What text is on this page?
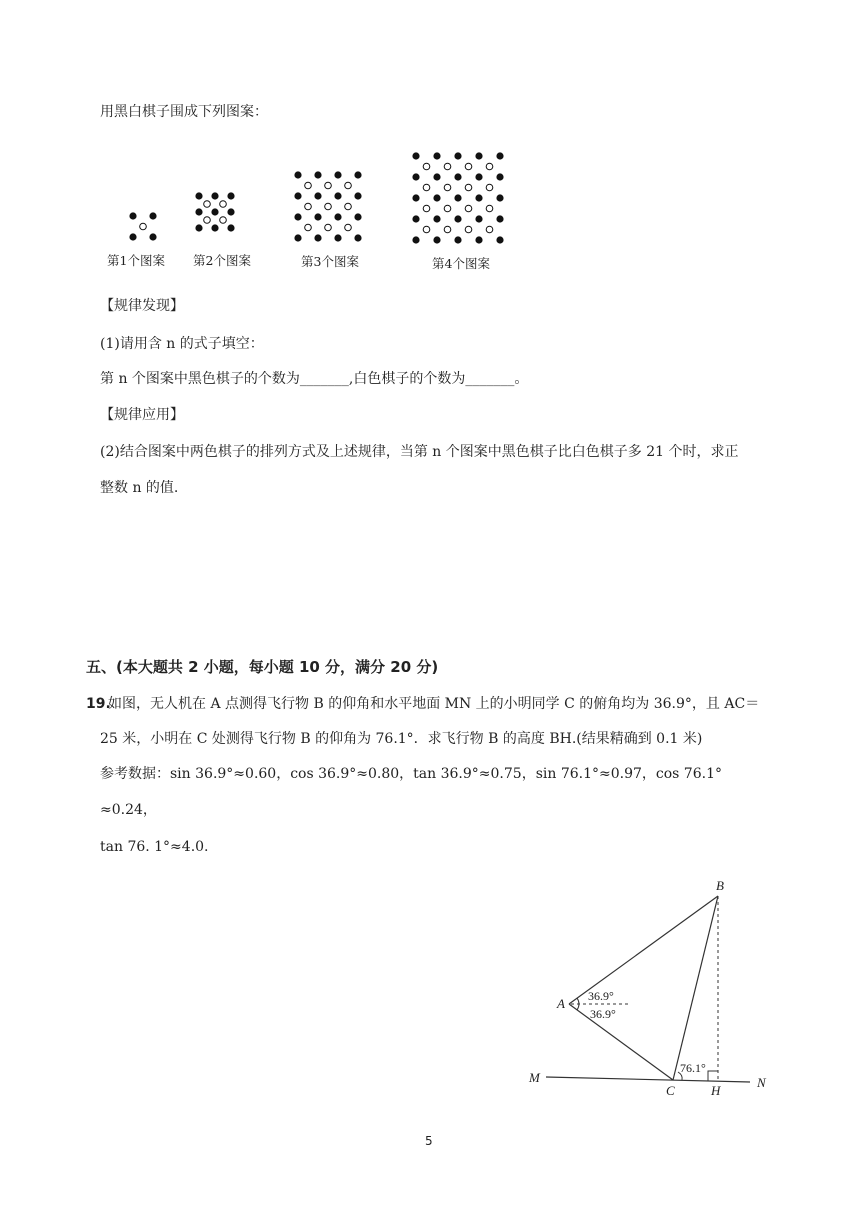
用黑白棋子围成下列图案：
第1个图案 第2个图案	第3个图案	第4个图案
【规律发现】
(1)请用含 n 的式子填空：
第 n 个图案中黑色棋子的个数为_______,白色棋子的个数为_______。
【规律应用】
(2)结合图案中两色棋子的排列方式及上述规律，当第 n 个图案中黑色棋子比白色棋子多 21 个时，求正
整数 n 的值.
五、(本大题共 2 小题，每小题 10 分，满分 20 分)
19.
如图，无人机在 A 点测得飞行物 B 的仰角和水平地面 MN 上的小明同学 C 的俯角均为 36.9°，且 AC＝
25 米，小明在 C 处测得飞行物 B 的仰角为 76.1°．求飞行物 B 的高度 BH.(结果精确到 0.1 米)
参考数据：sin 36.9°≈0.60，cos 36.9°≈0.80，tan 36.9°≈0.75，sin 76.1°≈0.97，cos 76.1°
≈0.24，
tan 76. 1°≈4.0.
B
A
M
C	H
N
36.9°
36.9°
76.1°
5
